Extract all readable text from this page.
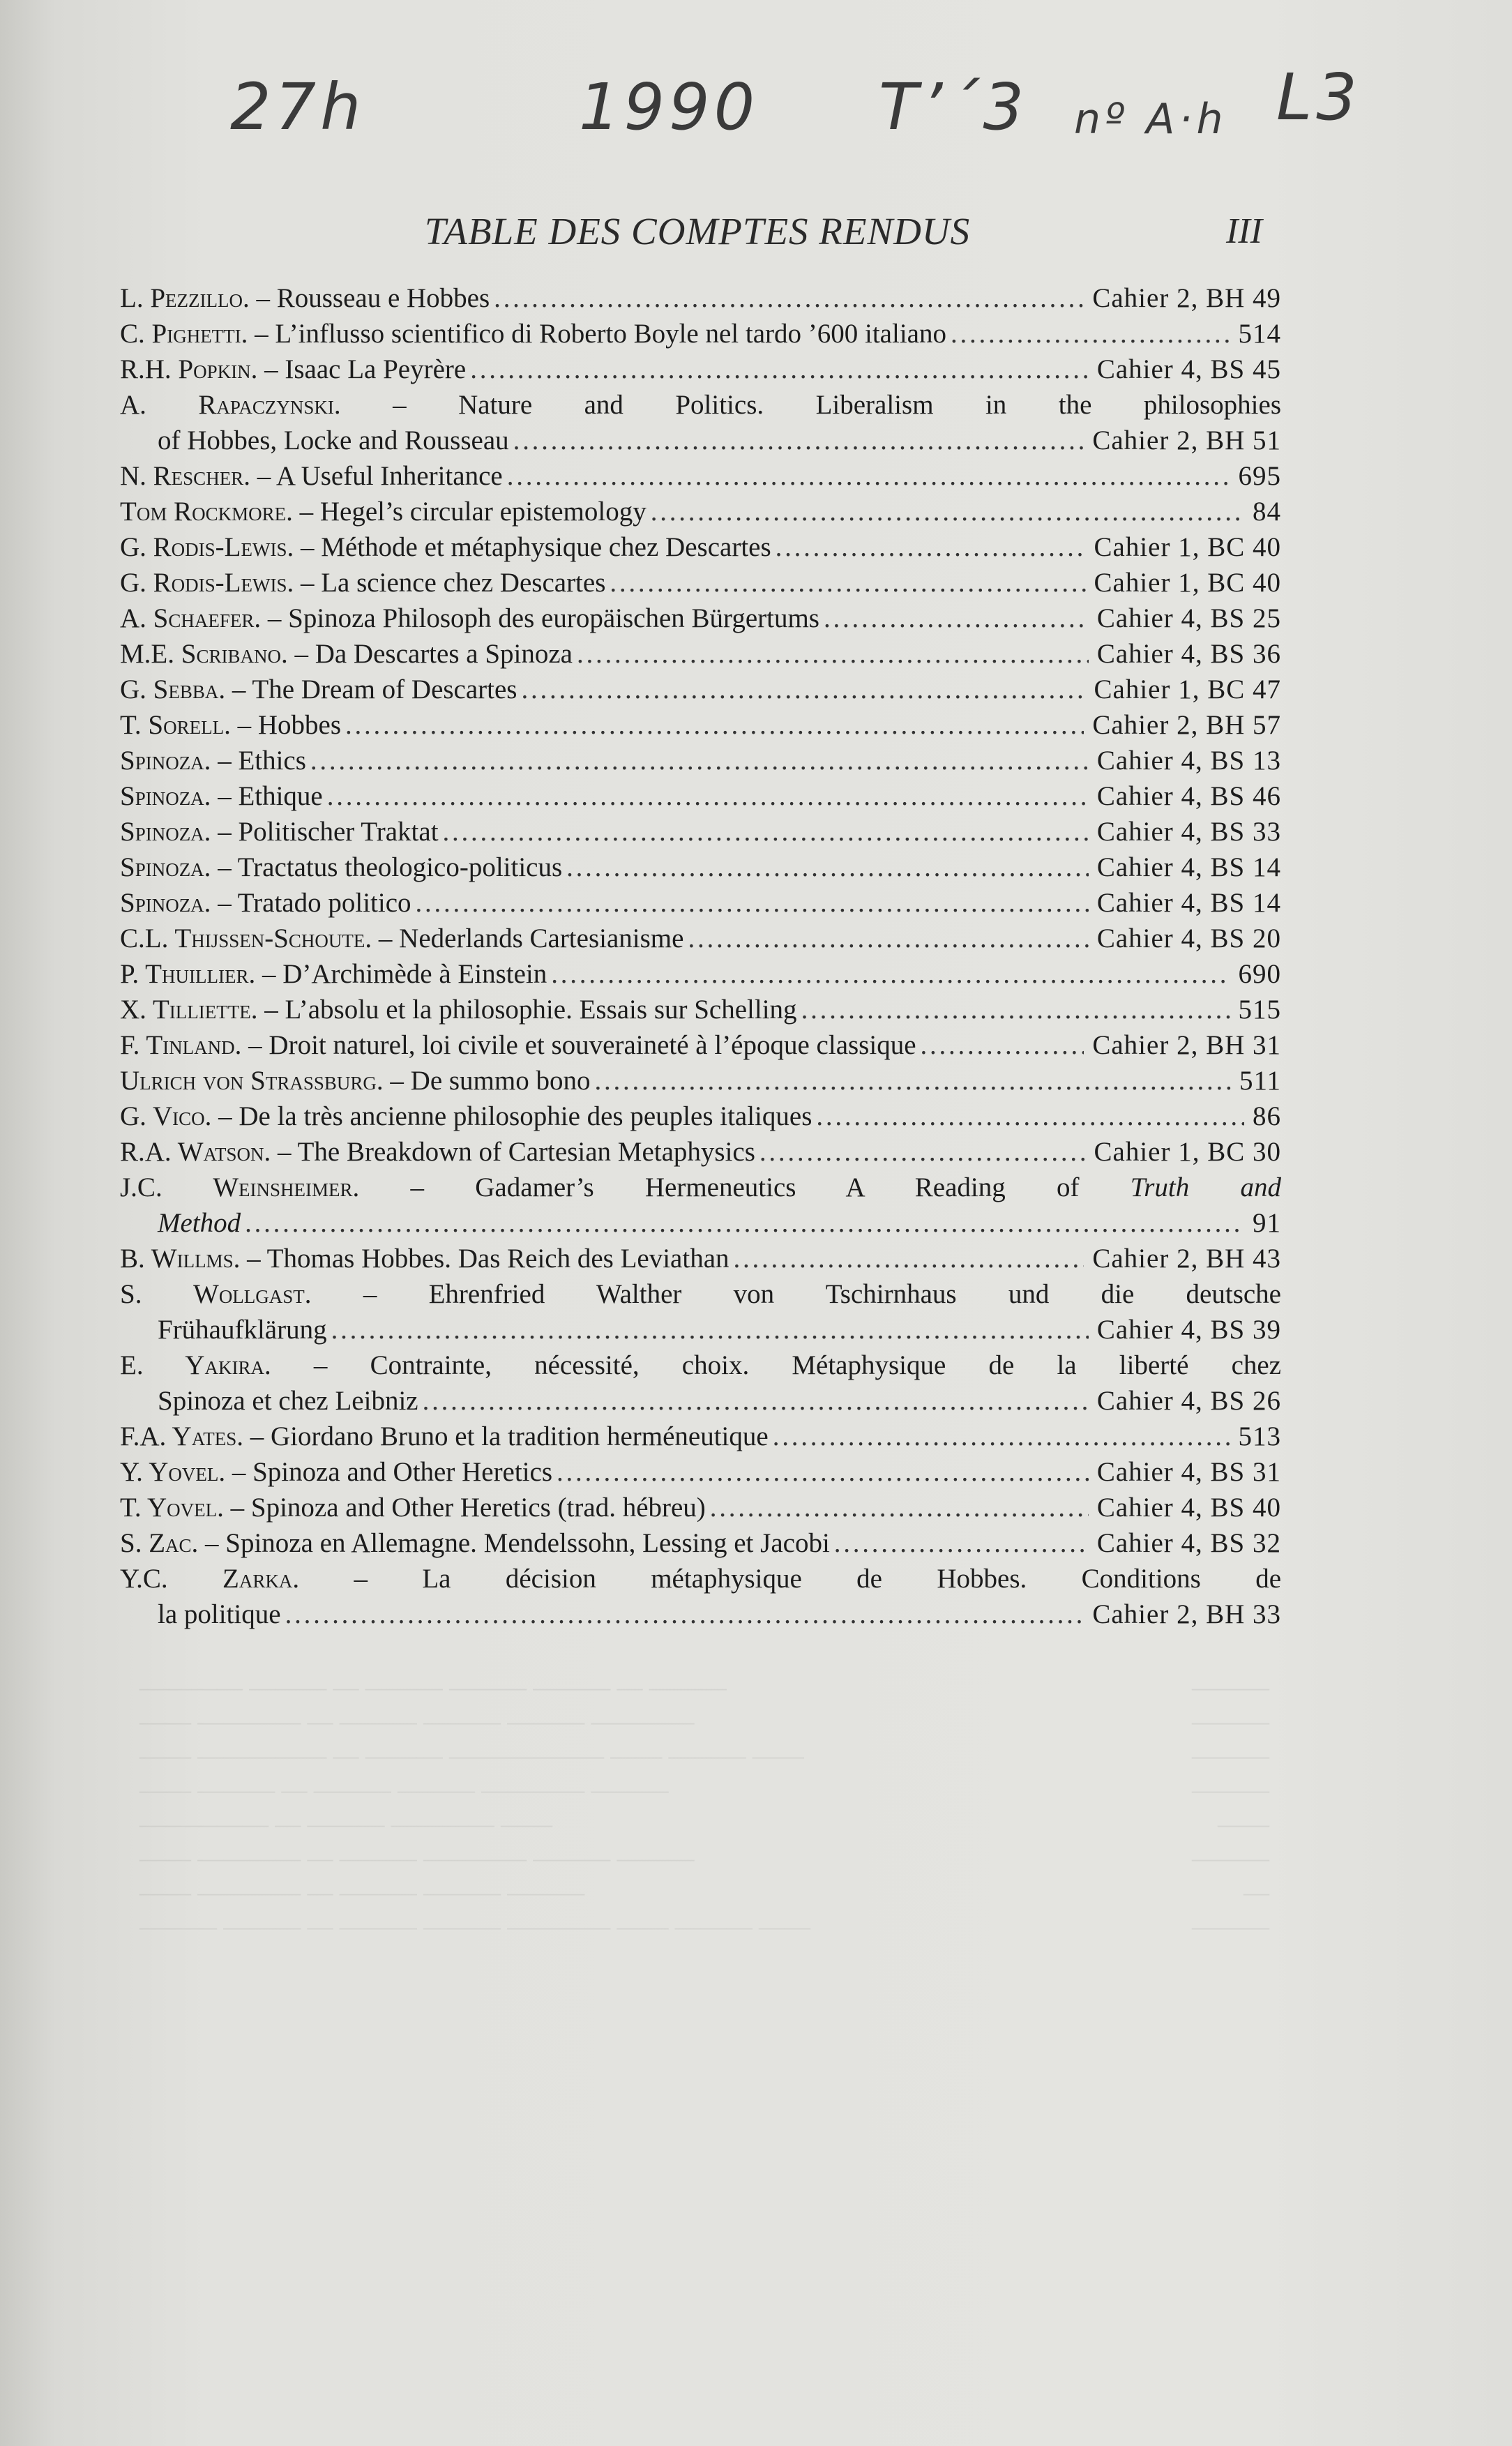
27h	1990 T’´3 nº A·h L3
TABLE DES COMPTES RENDUS	III
L. Pezzillo. – Rousseau e Hobbes . . .	Cahier 2, BH 49
C. Pighetti. – L’influsso scientifico di Roberto Boyle nel tardo ’600 italiano . . .	514
R.H. Popkin. – Isaac La Peyrère . . .	Cahier 4, BS 45
A. Rapaczynski. – Nature and Politics. Liberalism in the philosophies
of Hobbes, Locke and Rousseau . . .	Cahier 2, BH 51
N. Rescher. – A Useful Inheritance . . .	695
Tom Rockmore. – Hegel’s circular epistemology . . .	84
G. Rodis-Lewis. – Méthode et métaphysique chez Descartes . . .	Cahier 1, BC 40
G. Rodis-Lewis. – La science chez Descartes . . .	Cahier 1, BC 40
A. Schaefer. – Spinoza Philosoph des europäischen Bürgertums . . .	Cahier 4, BS 25
M.E. Scribano. – Da Descartes a Spinoza . . .	Cahier 4, BS 36
G. Sebba. – The Dream of Descartes . . .	Cahier 1, BC 47
T. Sorell. – Hobbes . . .	Cahier 2, BH 57
Spinoza. – Ethics . . .	Cahier 4, BS 13
Spinoza. – Ethique . . .	Cahier 4, BS 46
Spinoza. – Politischer Traktat . . .	Cahier 4, BS 33
Spinoza. – Tractatus theologico-politicus . . .	Cahier 4, BS 14
Spinoza. – Tratado politico . . .	Cahier 4, BS 14
C.L. Thijssen-Schoute. – Nederlands Cartesianisme . . .	Cahier 4, BS 20
P. Thuillier. – D’Archimède à Einstein . . .	690
X. Tilliette. – L’absolu et la philosophie. Essais sur Schelling . . .	515
F. Tinland. – Droit naturel, loi civile et souveraineté à l’époque classique . . .	Cahier 2, BH 31
Ulrich von Strassburg. – De summo bono . . .	511
G. Vico. – De la très ancienne philosophie des peuples italiques . . .	86
R.A. Watson. – The Breakdown of Cartesian Metaphysics . . .	Cahier 1, BC 30
J.C. Weinsheimer. – Gadamer’s Hermeneutics A Reading of Truth and
Method . . .	91
B. Willms. – Thomas Hobbes. Das Reich des Leviathan . . .	Cahier 2, BH 43
S. Wollgast. – Ehrenfried Walther von Tschirnhaus und die deutsche
Frühaufklärung . . .	Cahier 4, BS 39
E. Yakira. – Contrainte, nécessité, choix. Métaphysique de la liberté chez
Spinoza et chez Leibniz . . .	Cahier 4, BS 26
F.A. Yates. – Giordano Bruno et la tradition herméneutique . . .	513
Y. Yovel. – Spinoza and Other Heretics . . .	Cahier 4, BS 31
T. Yovel. – Spinoza and Other Heretics (trad. hébreu) . . .	Cahier 4, BS 40
S. Zac. – Spinoza en Allemagne. Mendelssohn, Lessing et Jacobi . . .	Cahier 4, BS 32
Y.C. Zarka. – La décision métaphysique de Hobbes. Conditions de
la politique . . .	Cahier 2, BH 33
———— ——— — ——— ——— ——— — ———	———
—— ———— — ——— ——— ——— ————	———
—— ————— — ——— —————— —— ——— ——	———
—— ——— — ——— ——— ———— ———	———
————— — ——— ———— ——	——
—— ———— — ——— ———— ——— ———	———
—— ———— — ——— ——— ———	—
——— ——— — ——— ——— ———— —— ——— ——	———
